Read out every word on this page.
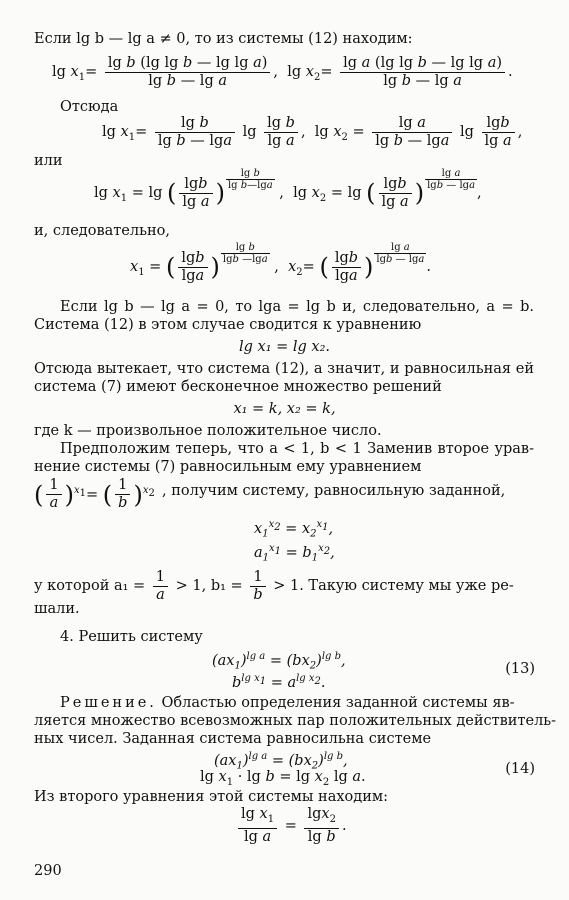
Если lg b — lg a ≠ 0, то из системы (12) находим:
$\lg x_1= \frac{\text{lg b (lg lg b — lg lg a)}}{\text{lg b — lg a}}$ ,  $\lg x_2= \frac{\text{lg a (lg lg b — lg lg a)}}{\text{lg b — lg a}}$ .
Отсюда
$\lg x_1= \frac{\text{lg b}}{\text{lg b — lga}}$ $\lg \frac{\text{lg b}}{\text{lg a}}$ ,  $\lg x_2 = \frac{\text{lg a}}{\text{lg b — lga}}$ $\lg \frac{\lg b}{\text{lg a}}$ ,
или
$\lg x_1 = \lg$ ( $\frac{\lg b}{\text{lg a}}$ ) $\frac{\text{lg b}}{\text{lg b—lga}}$
,  $\lg x_2 = \lg$ ( $\frac{\lg b}{\text{lg a}}$ ) $\frac{\text{lg a}}{\lg b — \lg a}$
,
и, следовательно,
$x_1$ = ( $\frac{\lg b}{\lg a}$ ) $\frac{\text{lg b}}{\lg b —\lg a}$
,  $x_2=$ ( $\frac{\lg b}{\lg a}$ ) $\frac{\text{lg a}}{\lg b — \lg a}$
.
Если lg b — lg a = 0, то lga = lg b и, следовательно, a = b.
Система (12) в этом случае сводится к уравнению
lg x₁ = lg x₂.
Отсюда вытекает, что система (12), а значит, и равносильная ей
система (7) имеют бесконечное множество решений
x₁ = k, x₂ = k,
где k — произвольное положительное число.
Предположим теперь, что a < 1, b < 1 Заменив второе урав-
нение системы (7) равносильным ему уравнением
( $\frac{1}{a} )^{x_1}=$ ( $\frac{1}{b} )^{x_2}$ , получим систему, равносильную заданной,
$x_1^{x_2} = x_2^{x_1}$,
$a_1^{x_1} = b_1^{x_2}$,
у которой $a_1 = \frac{1}{a} > 1$, $b_1 = \frac{1}{b} > 1$. Такую систему мы уже ре-
шали.
4. Решить систему
$(ax_1)^{lg a} = (bx_2)^{lg b}$,
$b^{lg x_1} = a^{lg x_2}$.
(13)
Решение. Областью определения заданной системы яв-
ляется множество всевозможных пар положительных действитель-
ных чисел. Заданная система равносильна системе
$(ax_1)^{lg a} = (bx_2)^{lg b}$,
$\lg x_1 \cdot \lg b = \lg x_2$ lg a.	(14)
Из второго уравнения этой системы находим:
$\frac{\lg x_1}{\text{lg a}} = \frac{\lg x_2}{\text{lg b}}$ .
290
